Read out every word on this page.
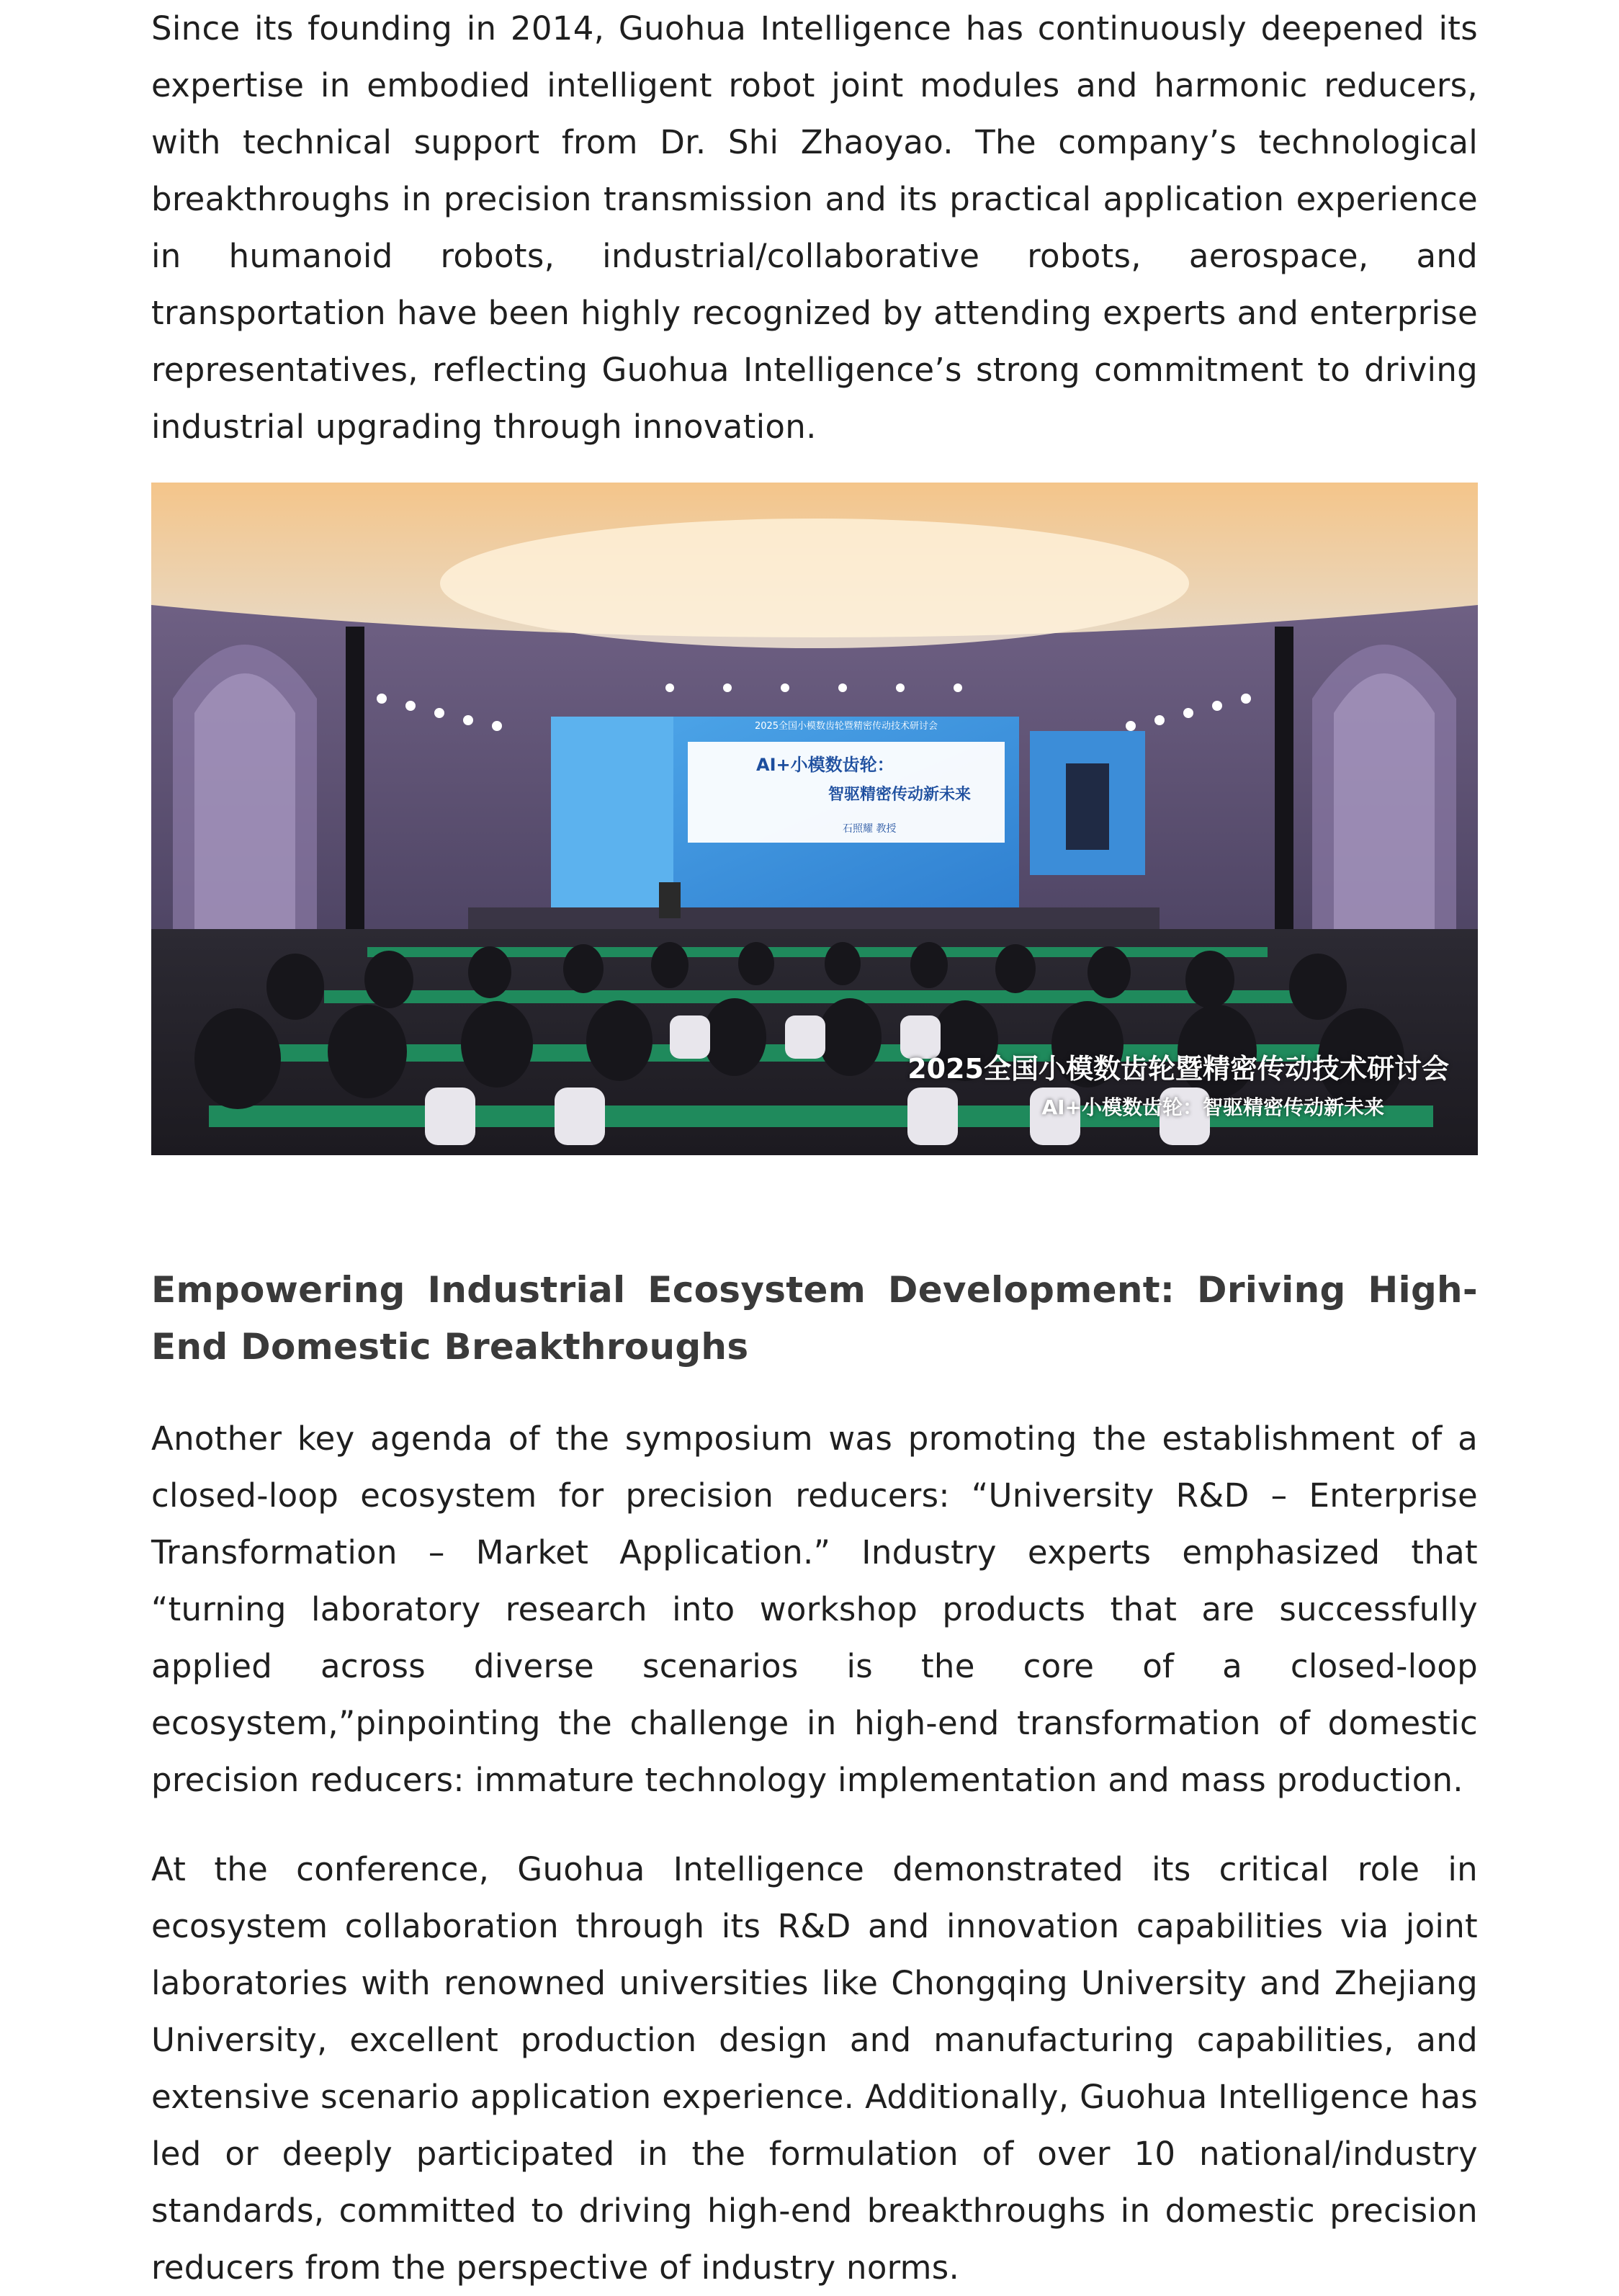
Since its founding in 2014, Guohua Intelligence has continuously deepened its expertise in embodied intelligent robot joint modules and harmonic reducers, with technical support from Dr. Shi Zhaoyao. The company’s technological breakthroughs in precision transmission and its practical application experience in humanoid robots, industrial/collaborative robots, aerospace, and transportation have been highly recognized by attending experts and enterprise representatives, reflecting Guohua Intelligence’s strong commitment to driving industrial upgrading through innovation.

2025全国小模数齿轮暨精密传动技术研讨会
AI+小模数齿轮：
智驱精密传动新未来
石照耀 教授
2025全国小模数齿轮暨精密传动技术研讨会
AI+小模数齿轮：智驱精密传动新未来
Empowering Industrial Ecosystem Development: Driving High-End Domestic Breakthroughs

Another key agenda of the symposium was promoting the establishment of a closed-loop ecosystem for precision reducers: “University R&D – Enterprise Transformation – Market Application.” Industry experts emphasized that “turning laboratory research into workshop products that are successfully applied across diverse scenarios is the core of a closed-loop ecosystem,”pinpointing the challenge in high-end transformation of domestic precision reducers: immature technology implementation and mass production.

At the conference, Guohua Intelligence demonstrated its critical role in ecosystem collaboration through its R&D and innovation capabilities via joint laboratories with renowned universities like Chongqing University and Zhejiang University, excellent production design and manufacturing capabilities, and extensive scenario application experience. Additionally, Guohua Intelligence has led or deeply participated in the formulation of over 10 national/industry standards, committed to driving high-end breakthroughs in domestic precision reducers from the perspective of industry norms.
